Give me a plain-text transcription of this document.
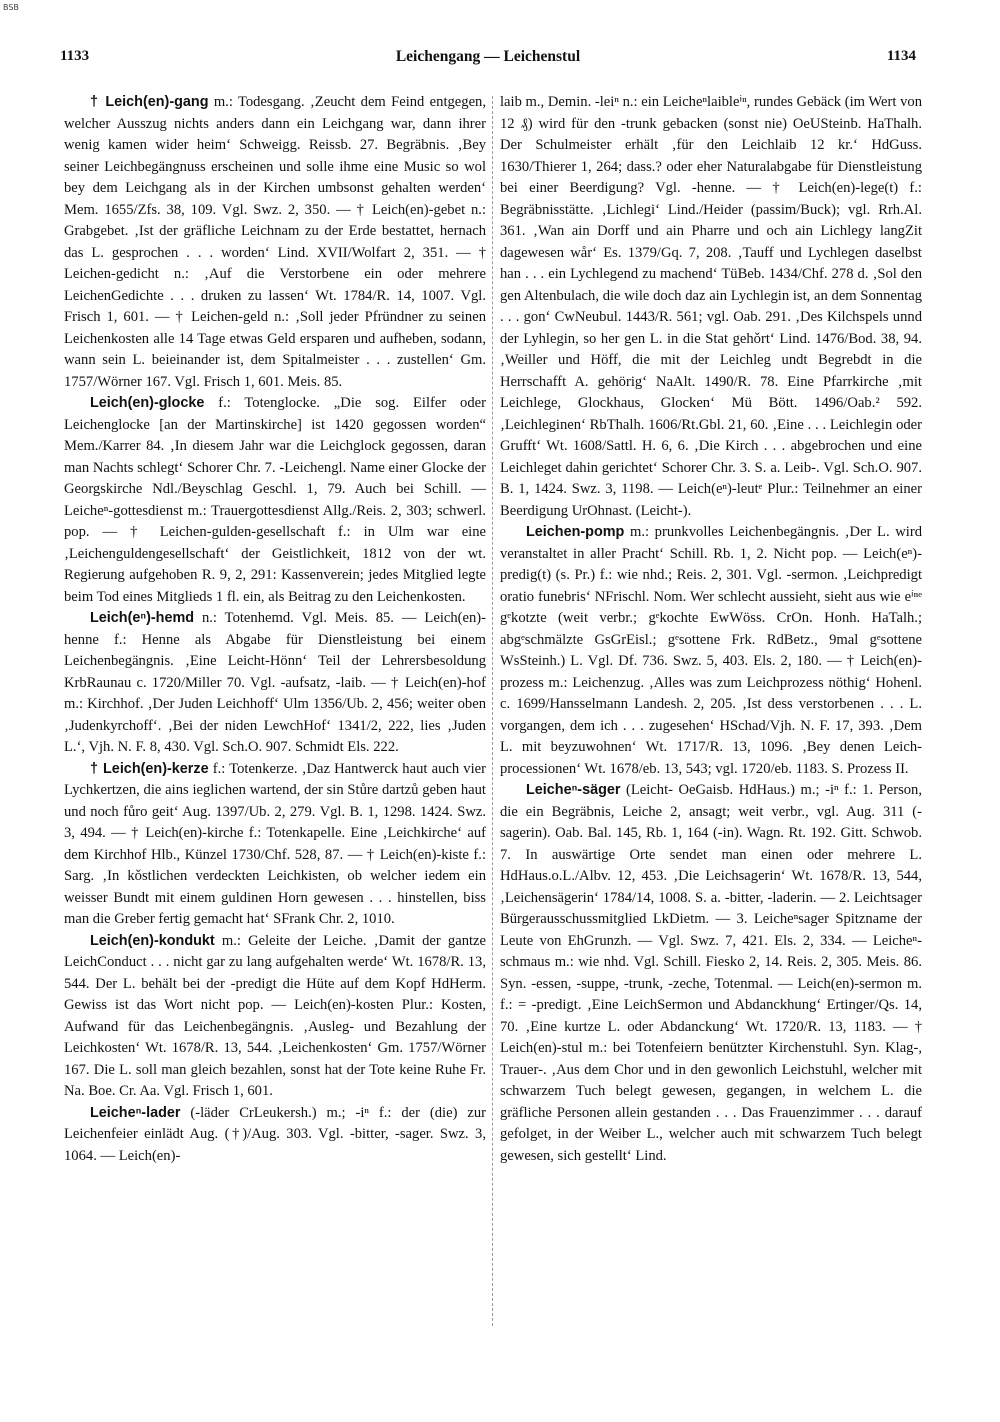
BSB
1133	Leichengang — Leichenstul	1134

† Leich(en)-gang m.: Todesgang. ‚Zeucht dem Feind entgegen, welcher Ausszug nichts anders dann ein Leichgang war, dann ihrer wenig kamen wider heim‘ Schweigg. Reissb. 27. Begräbnis. ‚Bey seiner Leichbegängnuss erscheinen und solle ihme eine Music so wol bey dem Leichgang als in der Kirchen umbsonst gehalten werden‘ Mem. 1655/Zfs. 38, 109. Vgl. Swz. 2, 350. — † Leich(en)-gebet n.: Grabgebet. ‚Ist der gräfliche Leichnam zu der Erde bestattet, hernach das L. gesprochen . . . worden‘ Lind. XVII/Wolfart 2, 351. — † Leichen-gedicht n.: ‚Auf die Verstorbene ein oder mehrere LeichenGedichte . . . druken zu lassen‘ Wt. 1784/R. 14, 1007. Vgl. Frisch 1, 601. — † Leichen-geld n.: ‚Soll jeder Pfründner zu seinen Leichenkosten alle 14 Tage etwas Geld ersparen und aufheben, sodann, wann sein L. beieinander ist, dem Spitalmeister . . . zustellen‘ Gm. 1757/Wörner 167. Vgl. Frisch 1, 601. Meis. 85.

Leich(en)-glocke f.: Totenglocke. „Die sog. Eilfer oder Leichenglocke [an der Martinskirche] ist 1420 gegossen worden“ Mem./Karrer 84. ‚In diesem Jahr war die Leichglock gegossen, daran man Nachts schlegt‘ Schorer Chr. 7. -Leichengl. Name einer Glocke der Georgskirche Ndl./Beyschlag Geschl. 1, 79. Auch bei Schill. — Leicheⁿ-gottesdienst m.: Trauergottesdienst Allg./Reis. 2, 303; schwerl. pop. — † Leichen-gulden-gesellschaft f.: in Ulm war eine ‚Leichenguldengesellschaft‘ der Geistlichkeit, 1812 von der wt. Regierung aufgehoben R. 9, 2, 291: Kassenverein; jedes Mitglied legte beim Tod eines Mitglieds 1 fl. ein, als Beitrag zu den Leichenkosten.

Leich(eⁿ)-hemd n.: Totenhemd. Vgl. Meis. 85. — Leich(en)-henne f.: Henne als Abgabe für Dienstleistung bei einem Leichenbegängnis. ‚Eine Leicht-Hönn‘ Teil der Lehrersbesoldung KrbRaunau c. 1720/Miller 70. Vgl. -aufsatz, -laib. — † Leich(en)-hof m.: Kirchhof. ‚Der Juden Leichhoff‘ Ulm 1356/Ub. 2, 456; weiter oben ‚Judenkyrchoff‘. ‚Bei der niden LewchHof‘ 1341/2, 222, lies ‚Juden L.‘, Vjh. N. F. 8, 430. Vgl. Sch.O. 907. Schmidt Els. 222.

† Leich(en)-kerze f.: Totenkerze. ‚Daz Hantwerck haut auch vier Lychkertzen, die ains ieglichen wartend, der sin Stůre dartzů geben haut und noch fůro geit‘ Aug. 1397/Ub. 2, 279. Vgl. B. 1, 1298. 1424. Swz. 3, 494. — † Leich(en)-kirche f.: Totenkapelle. Eine ‚Leichkirche‘ auf dem Kirchhof Hlb., Künzel 1730/Chf. 528, 87. — † Leich(en)-kiste f.: Sarg. ‚In kǒstlichen verdeckten Leichkisten, ob welcher iedem ein weisser Bundt mit einem guldinen Horn gewesen . . . hinstellen, biss man die Greber fertig gemacht hat‘ SFrank Chr. 2, 1010.

Leich(en)-kondukt m.: Geleite der Leiche. ‚Damit der gantze LeichConduct . . . nicht gar zu lang aufgehalten werde‘ Wt. 1678/R. 13, 544. Der L. behält bei der -predigt die Hüte auf dem Kopf HdHerm. Gewiss ist das Wort nicht pop. — Leich(en)-kosten Plur.: Kosten, Aufwand für das Leichenbegängnis. ‚Ausleg- und Bezahlung der Leichkosten‘ Wt. 1678/R. 13, 544. ‚Leichenkosten‘ Gm. 1757/Wörner 167. Die L. soll man gleich bezahlen, sonst hat der Tote keine Ruhe Fr. Na. Boe. Cr. Aa. Vgl. Frisch 1, 601.

Leicheⁿ-lader (-läder CrLeukersh.) m.; -iⁿ f.: der (die) zur Leichenfeier einlädt Aug. (†)/Aug. 303. Vgl. -bitter, -sager. Swz. 3, 1064. — Leich(en)-

laib m., Demin. -leiⁿ n.: ein Leicheⁿlaibleⁱⁿ, rundes Gebäck (im Wert von 12 ₰) wird für den -trunk gebacken (sonst nie) OeUSteinb. HaThalh. Der Schulmeister erhält ‚für den Leichlaib 12 kr.‘ HdGuss. 1630/Thierer 1, 264; dass.? oder eher Naturalabgabe für Dienstleistung bei einer Beerdigung? Vgl. -henne. — † Leich(en)-lege(t) f.: Begräbnisstätte. ‚Lichlegi‘ Lind./Heider (passim/Buck); vgl. Rrh.Al. 361. ‚Wan ain Dorff und ain Pharre und och ain Lichlegy langZit dagewesen wår‘ Es. 1379/Gq. 7, 208. ‚Tauff und Lychlegen daselbst han . . . ein Lychlegend zu machend‘ TüBeb. 1434/Chf. 278 d. ‚Sol den gen Altenbulach, die wile doch daz ain Lychlegin ist, an dem Sonnentag . . . gon‘ CwNeubul. 1443/R. 561; vgl. Oab. 291. ‚Des Kilchspels unnd der Lyhlegin, so her gen L. in die Stat gehǒrt‘ Lind. 1476/Bod. 38, 94. ‚Weiller und Höff, die mit der Leichleg undt Begrebdt in die Herrschafft A. gehörig‘ NaAlt. 1490/R. 78. Eine Pfarrkirche ‚mit Leichlege, Glockhaus, Glocken‘ Mü Bött. 1496/Oab.² 592. ‚Leichleginen‘ RbThalh. 1606/Rt.Gbl. 21, 60. ‚Eine . . . Leichlegin oder Grufft‘ Wt. 1608/Sattl. H. 6, 6. ‚Die Kirch . . . abgebrochen und eine Leichleget dahin gerichtet‘ Schorer Chr. 3. S. a. Leib-. Vgl. Sch.O. 907. B. 1, 1424. Swz. 3, 1198. — Leich(eⁿ)-leutᵉ Plur.: Teilnehmer an einer Beerdigung UrOhnast. (Leicht-).

Leichen-pomp m.: prunkvolles Leichenbegängnis. ‚Der L. wird veranstaltet in aller Pracht‘ Schill. Rb. 1, 2. Nicht pop. — Leich(eⁿ)-predig(t) (s. Pr.) f.: wie nhd.; Reis. 2, 301. Vgl. -sermon. ‚Leichpredigt oratio funebris‘ NFrischl. Nom. Wer schlecht aussieht, sieht aus wie eⁱⁿᵉ gᵉkotzte (weit verbr.; gᵉkochte EwWöss. CrOn. Honh. HaTalh.; abgᵉschmälzte GsGrEisl.; gᵉsottene Frk. RdBetz., 9mal gᵉsottene WsSteinh.) L. Vgl. Df. 736. Swz. 5, 403. Els. 2, 180. — † Leich(en)-prozess m.: Leichenzug. ‚Alles was zum Leichprozess nöthig‘ Hohenl. c. 1699/Hansselmann Landesh. 2, 205. ‚Ist dess verstorbenen . . . L. vorgangen, dem ich . . . zugesehen‘ HSchad/Vjh. N. F. 17, 393. ‚Dem L. mit beyzuwohnen‘ Wt. 1717/R. 13, 1096. ‚Bey denen Leich-processionen‘ Wt. 1678/eb. 13, 543; vgl. 1720/eb. 1183. S. Prozess II.

Leicheⁿ-säger (Leicht- OeGaisb. HdHaus.) m.; -iⁿ f.: 1. Person, die ein Begräbnis, Leiche 2, ansagt; weit verbr., vgl. Aug. 311 (-sagerin). Oab. Bal. 145, Rb. 1, 164 (-in). Wagn. Rt. 192. Gitt. Schwob. 7. In auswärtige Orte sendet man einen oder mehrere L. HdHaus.o.L./Albv. 12, 453. ‚Die Leichsagerin‘ Wt. 1678/R. 13, 544, ‚Leichensägerin‘ 1784/14, 1008. S. a. -bitter, -laderin. — 2. Leichtsager Bürgerausschussmitglied LkDietm. — 3. Leicheⁿsager Spitzname der Leute von EhGrunzh. — Vgl. Swz. 7, 421. Els. 2, 334. — Leicheⁿ-schmaus m.: wie nhd. Vgl. Schill. Fiesko 2, 14. Reis. 2, 305. Meis. 86. Syn. -essen, -suppe, -trunk, -zeche, Totenmal. — Leich(en)-sermon m. f.: = -predigt. ‚Eine LeichSermon und Abdanckhung‘ Ertinger/Qs. 14, 70. ‚Eine kurtze L. oder Abdanckung‘ Wt. 1720/R. 13, 1183. — † Leich(en)-stul m.: bei Totenfeiern benützter Kirchenstuhl. Syn. Klag-, Trauer-. ‚Aus dem Chor und in den gewonlich Leichstuhl, welcher mit schwarzem Tuch belegt gewesen, gegangen, in welchem L. die gräfliche Personen allein gestanden . . . Das Frauenzimmer . . . darauf gefolget, in der Weiber L., welcher auch mit schwarzem Tuch belegt gewesen, sich gestellt‘ Lind.
